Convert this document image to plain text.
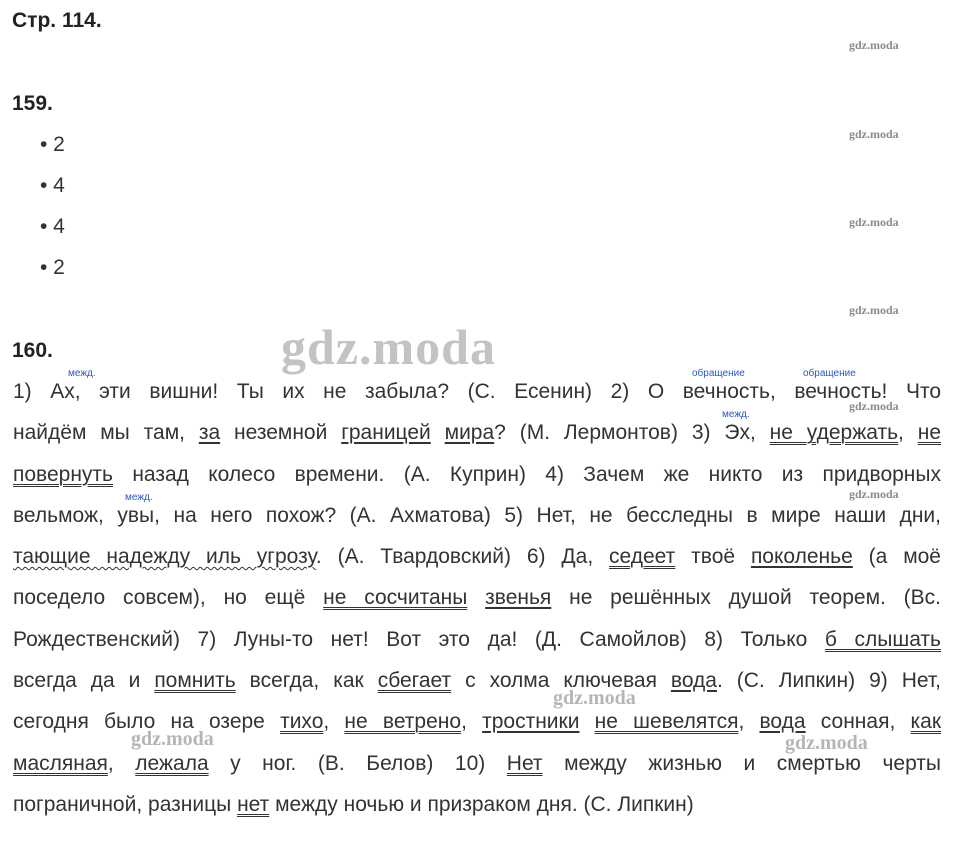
Стр. 114.
159.
• 2
• 4
• 4
• 2
160.
gdz.moda
gdz.moda
gdz.moda
gdz.moda
gdz.moda
gdz.moda
gdz.moda
gdz.moda
gdz.moda	gdz.moda
межд.	обращение	обращение
межд.
межд.
1) Ах, эти вишни! Ты их не забыла? (С. Есенин) 2) О вечность, вечность! Что
найдём мы там, за неземной границей мира? (М. Лермонтов) 3) Эх, не удержать, не
повернуть назад колесо времени. (А. Куприн) 4) Зачем же никто из придворных
вельмож, увы, на него похож? (А. Ахматова) 5) Нет, не бесследны в мире наши дни,
тающие надежду иль угрозу. (А. Твардовский) 6) Да, седеет твоё поколенье (а моё
поседело совсем), но ещё не сосчитаны звенья не решённых душой теорем. (Вс.
Рождественский) 7) Луны-то нет! Вот это да! (Д. Самойлов) 8) Только б слышать
всегда да и помнить всегда, как сбегает с холма ключевая вода. (С. Липкин) 9) Нет,
сегодня было на озере тихо, не ветрено, тростники не шевелятся, вода сонная, как
масляная, лежала у ног. (В. Белов) 10) Нет между жизнью и смертью черты
пограничной, разницы нет между ночью и призраком дня. (С. Липкин)
